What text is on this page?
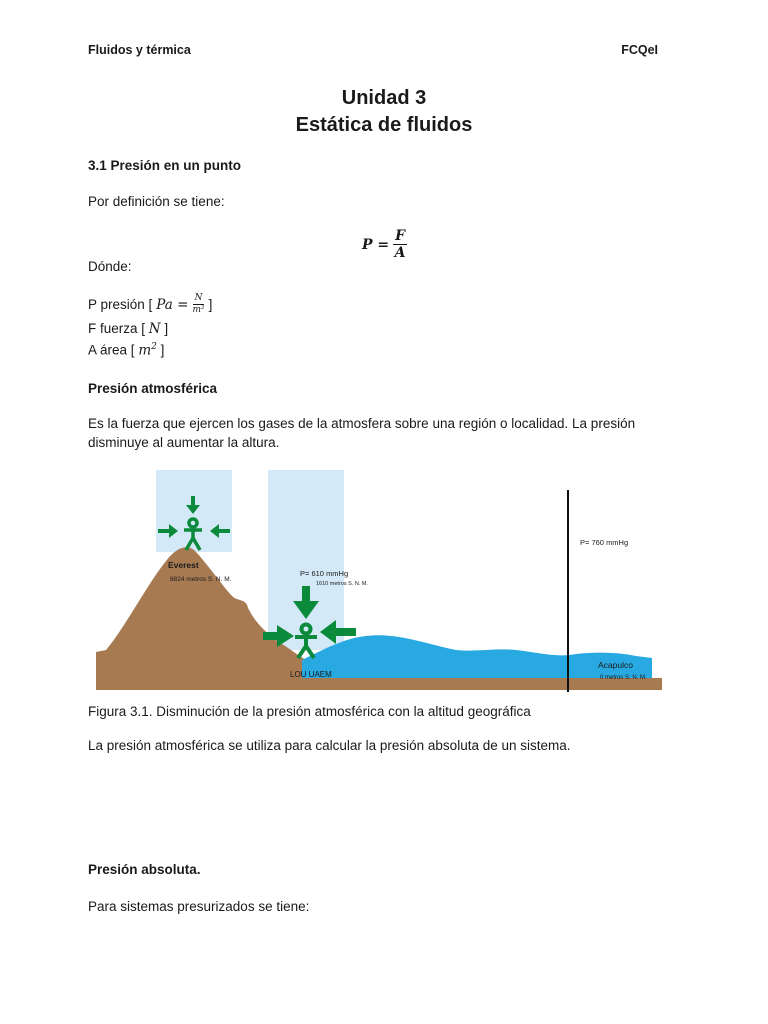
Fluidos y térmica	FCQeI
Unidad 3
Estática de fluidos
3.1 Presión en un punto
Por definición se tiene:
$P = \frac{F}{A}$
Dónde:
P presión [ $Pa = \frac{N}{\text{m²}}$ ]
F fuerza [ N ]
A área [ $m^2$ ]
Presión atmosférica
Es la fuerza que ejercen los gases de la atmosfera sobre una región o localidad. La presión
disminuye al aumentar la altura.
Everest
8824 metros S. N. M.
P= 610 mmHg
1610 metros S. N. M.
LOU UAEM
P= 760 mmHg
Acapulco
0 metros S. N. M.
Figura 3.1. Disminución de la presión atmosférica con la altitud geográfica
La presión atmosférica se utiliza para calcular la presión absoluta de un sistema.
Presión absoluta.
Para sistemas presurizados se tiene:
